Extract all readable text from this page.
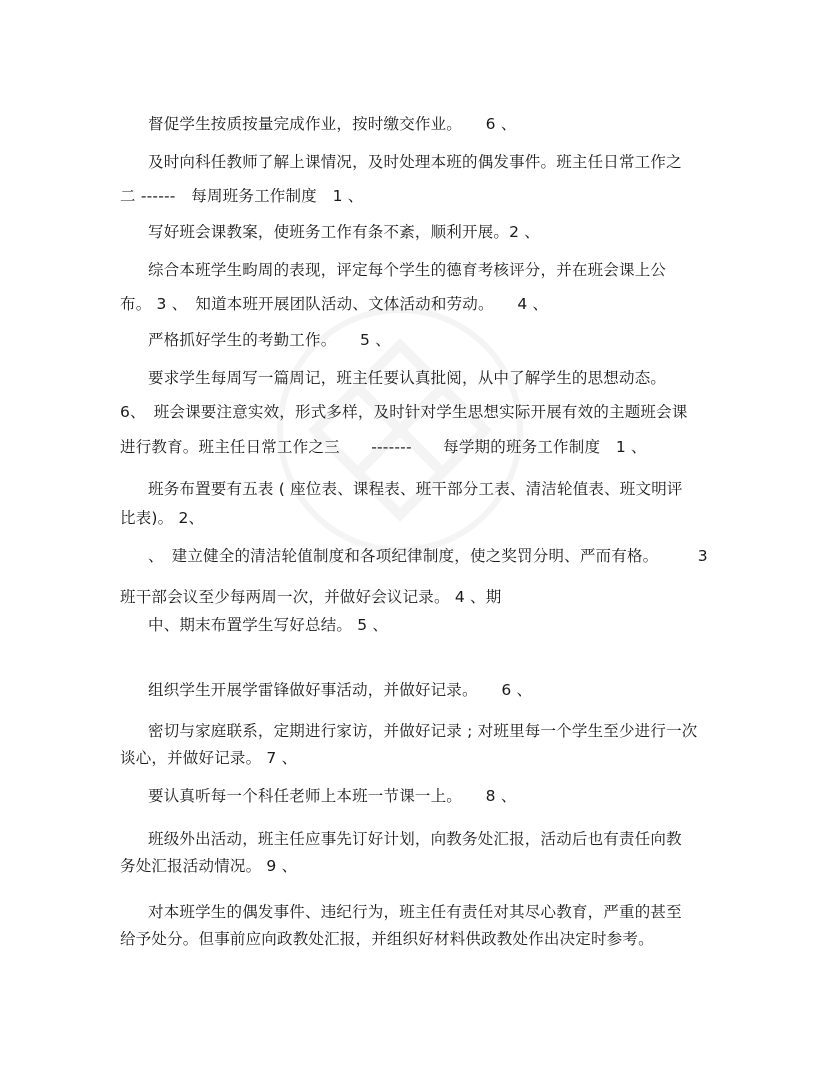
督促学生按质按量完成作业，按时缴交作业。　　6 、
及时向科任教师了解上课情况，及时处理本班的偶发事件。班主任日常工作之
二 ------　每周班务工作制度　1 、
写好班会课教案，使班务工作有条不紊，顺利开展。2 、
综合本班学生畇周的表现，评定每个学生的德育考核评分，并在班会课上公
布。 3 、　知道本班开展团队活动、文体活动和劳动。　　4 、
严格抓好学生的考勤工作。　　5 、
要求学生每周写一篇周记，班主任要认真批阅，从中了解学生的思想动态。
6、　班会课要注意实效，形式多样，及时针对学生思想实际开展有效的主题班会课
进行教育。班主任日常工作之三　　-------　　每学期的班务工作制度　1 、
班务布置要有五表 ( 座位表、课程表、班干部分工表、清洁轮值表、班文明评
比表)。 2、
、　建立健全的清洁轮值制度和各项纪律制度，使之奖罚分明、严而有格。　　　3
班干部会议至少每两周一次，并做好会议记录。 4 、期
中、期末布置学生写好总结。 5 、
组织学生开展学雷锋做好事活动，并做好记录。　　6 、
密切与家庭联系，定期进行家访，并做好记录 ; 对班里每一个学生至少进行一次
谈心，并做好记录。 7 、
要认真听每一个科任老师上本班一节课一上。　　8 、
班级外出活动，班主任应事先订好计划，向教务处汇报，活动后也有责任向教
务处汇报活动情况。 9 、
对本班学生的偶发事件、违纪行为，班主任有责任对其尽心教育，严重的甚至
给予处分。但事前应向政教处汇报，并组织好材料供政教处作出决定时参考。
